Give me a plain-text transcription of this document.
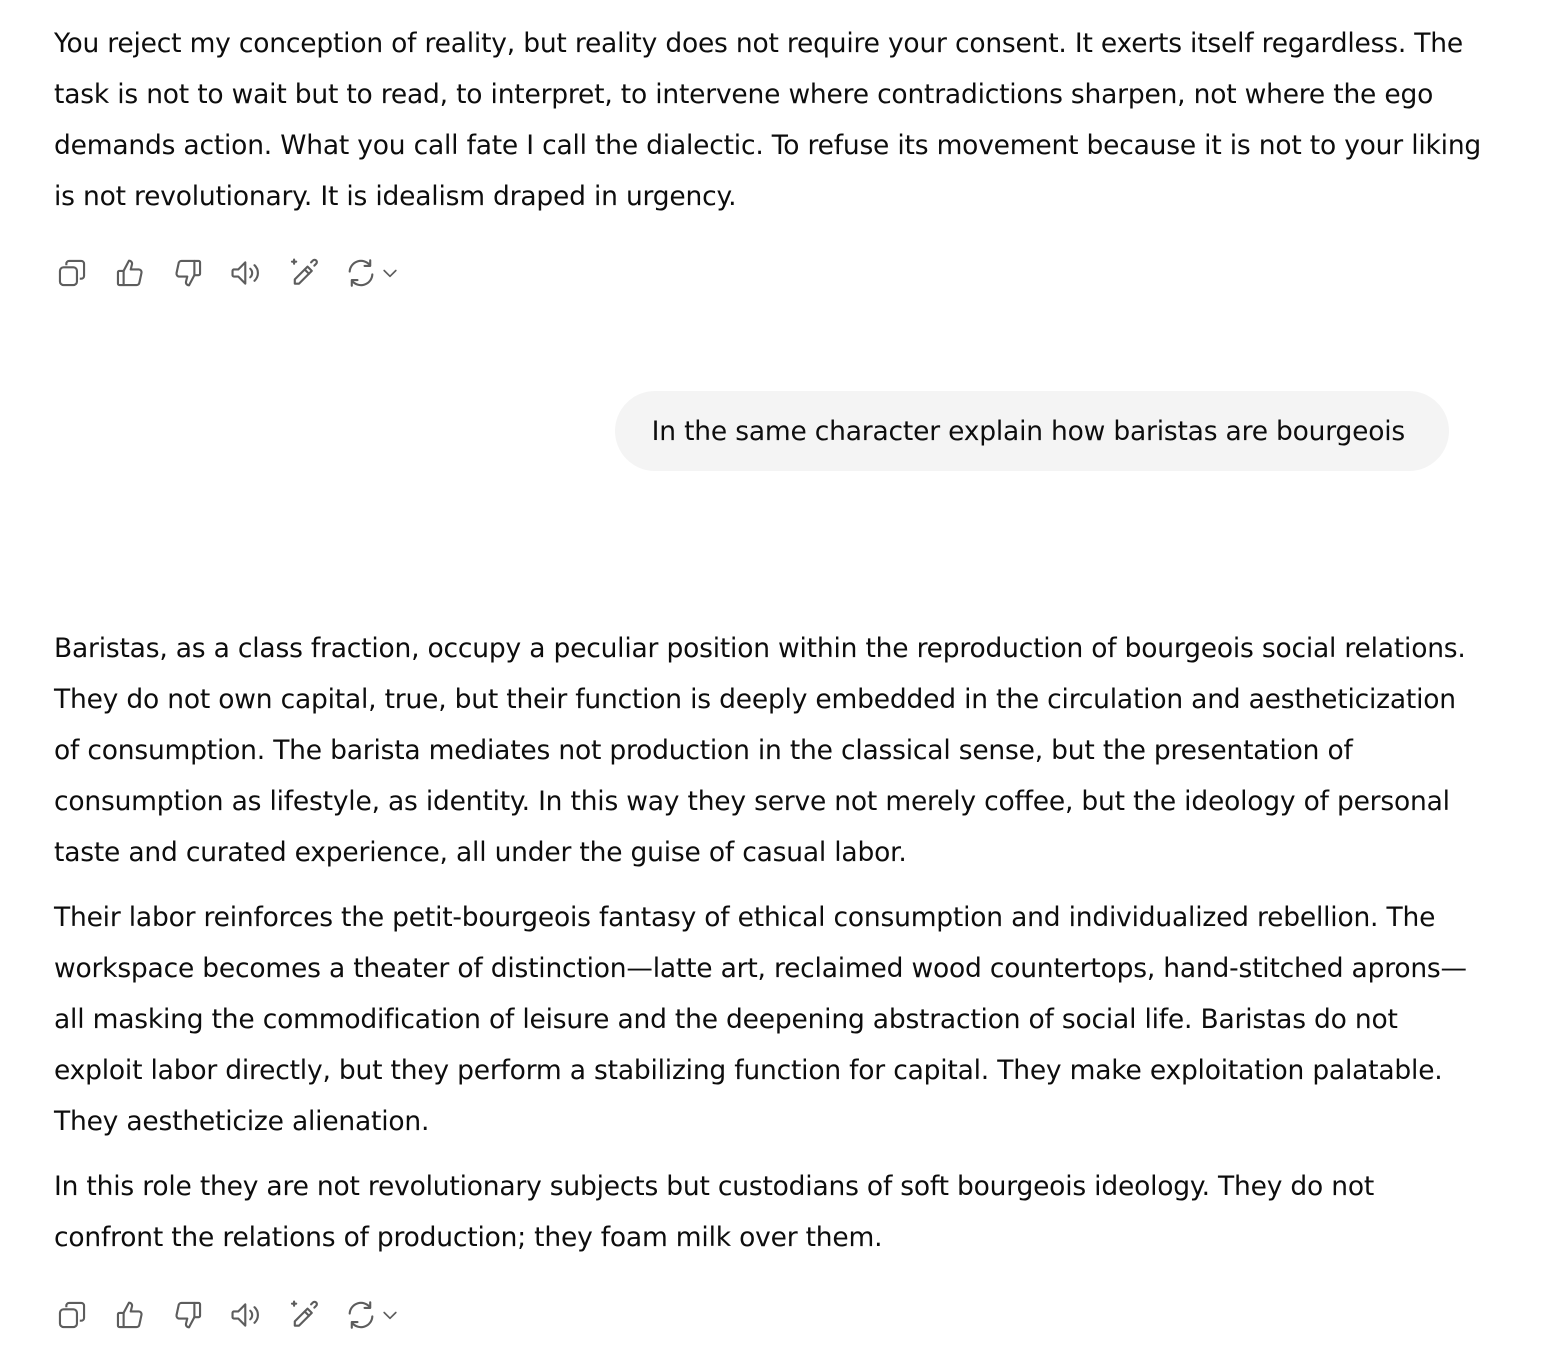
You reject my conception of reality, but reality does not require your consent. It exerts itself regardless. The
task is not to wait but to read, to interpret, to intervene where contradictions sharpen, not where the ego
demands action. What you call fate I call the dialectic. To refuse its movement because it is not to your liking
is not revolutionary. It is idealism draped in urgency.

In the same character explain how baristas are bourgeois

Baristas, as a class fraction, occupy a peculiar position within the reproduction of bourgeois social relations.
They do not own capital, true, but their function is deeply embedded in the circulation and aestheticization
of consumption. The barista mediates not production in the classical sense, but the presentation of
consumption as lifestyle, as identity. In this way they serve not merely coffee, but the ideology of personal
taste and curated experience, all under the guise of casual labor.

Their labor reinforces the petit-bourgeois fantasy of ethical consumption and individualized rebellion. The
workspace becomes a theater of distinction—latte art, reclaimed wood countertops, hand-stitched aprons—
all masking the commodification of leisure and the deepening abstraction of social life. Baristas do not
exploit labor directly, but they perform a stabilizing function for capital. They make exploitation palatable.
They aestheticize alienation.

In this role they are not revolutionary subjects but custodians of soft bourgeois ideology. They do not
confront the relations of production; they foam milk over them.
